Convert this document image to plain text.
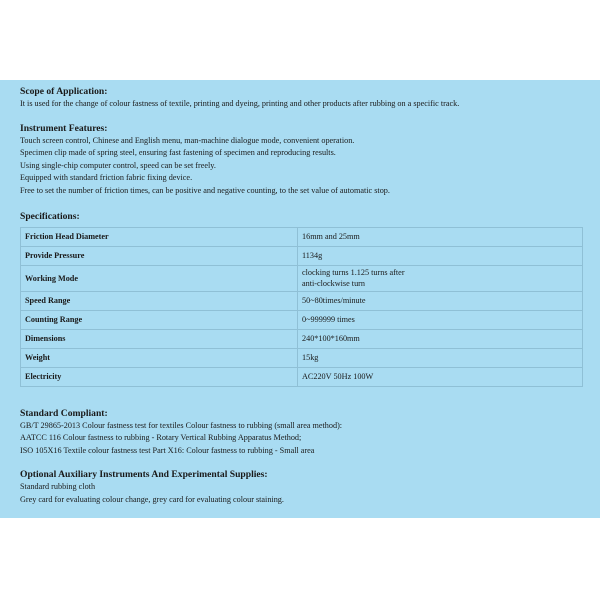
Scope of Application:

It is used for the change of colour fastness of textile, printing and dyeing, printing and other products after rubbing on a specific track.

Instrument Features:

Touch screen control, Chinese and English menu, man-machine dialogue mode, convenient operation.

Specimen clip made of spring steel, ensuring fast fastening of specimen and reproducing results.

Using single-chip computer control, speed can be set freely.

Equipped with standard friction fabric fixing device.

Free to set the number of friction times, can be positive and negative counting, to the set value of automatic stop.

Specifications:

Friction Head Diameter	16mm and 25mm
Provide Pressure	1134g
Working Mode	clocking turns 1.125 turns after
anti-clockwise turn

Speed Range	50~80times/minute
Counting Range	0~999999 times
Dimensions	240*100*160mm
Weight	15kg
Electricity	AC220V 50Hz 100W

Standard Compliant:

GB/T 29865-2013 Colour fastness test for textiles Colour fastness to rubbing (small area method):

AATCC 116 Colour fastness to rubbing - Rotary Vertical Rubbing Apparatus Method;

ISO 105X16 Textile colour fastness test Part X16: Colour fastness to rubbing - Small area

Optional Auxiliary Instruments And Experimental Supplies:

Standard rubbing cloth

Grey card for evaluating colour change, grey card for evaluating colour staining.
